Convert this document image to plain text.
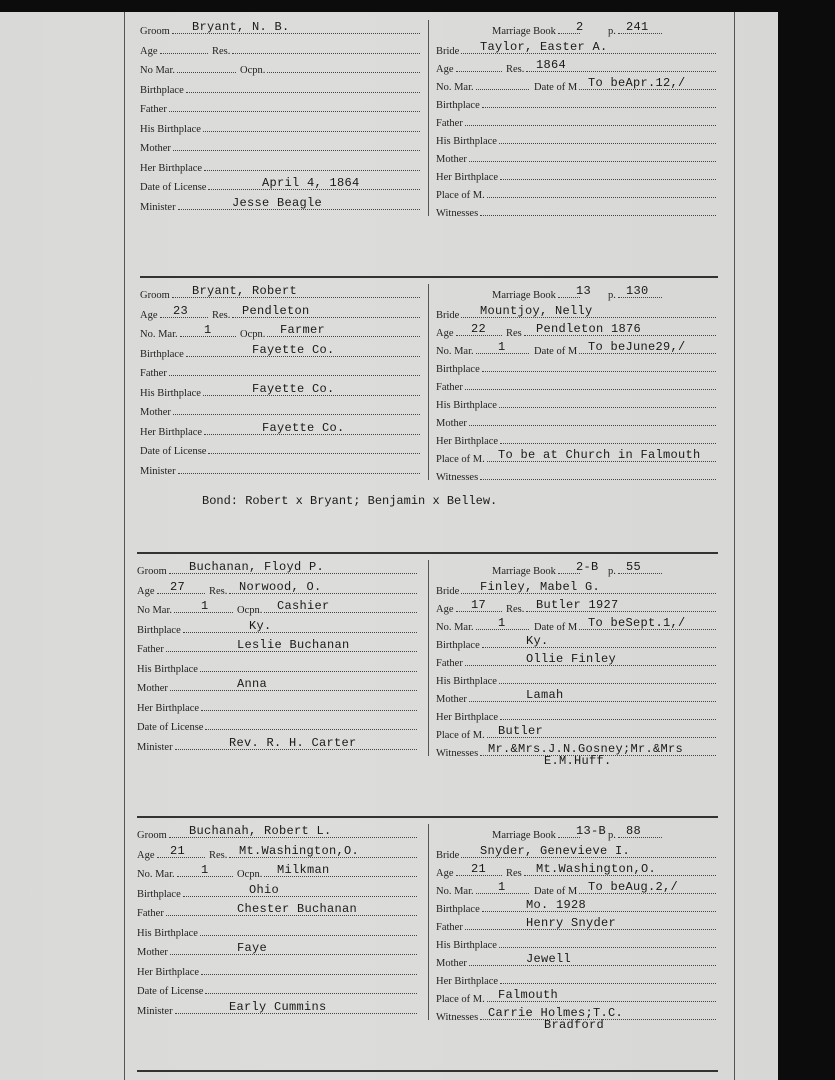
Groom Bryant, N. B.
Age	Res.
No Mar.	Ocpn.
Birthplace
Father
His Birthplace
Mother
Her Birthplace
Date of License	April 4, 1864
Minister	Jesse Beagle
Marriage Book 2 p. 241
Bride Taylor, Easter A.
Age	Res. 1864
No. Mar.	Date of M To beApr.12,/
Birthplace
Father
His Birthplace
Mother
Her Birthplace
Place of M.
Witnesses
Groom Bryant, Robert
Age 23 Res. Pendleton
No. Mar. 1	Ocpn. Farmer
Birthplace	Fayette Co.
Father
His Birthplace	Fayette Co.
Mother
Her Birthplace	Fayette Co.
Date of License
Minister
Marriage Book 13 p. 130
Bride Mountjoy, Nelly
Age 22 Res Pendleton 1876
No. Mar. 1	Date of M To beJune29,/
Birthplace
Father
His Birthplace
Mother
Her Birthplace
Place of M. To be at Church in Falmouth
Witnesses
Bond: Robert x Bryant; Benjamin x Bellew.
Groom Buchanan, Floyd P.
Age 27 Res. Norwood, O.
No Mar. 1	Ocpn. Cashier
Birthplace	Ky.
Father	Leslie Buchanan
His Birthplace
Mother	Anna
Her Birthplace
Date of License
Minister	Rev. R. H. Carter
Marriage Book 2-B p. 55
Bride Finley, Mabel G.
Age 17 Res. Butler 1927
No. Mar. 1	Date of M To beSept.1,/
Birthplace	Ky.
Father	Ollie Finley
His Birthplace
Mother	Lamah
Her Birthplace
Place of M. Butler
Witnesses Mr.&Mrs.J.N.Gosney;Mr.&Mrs
E.M.Huff.
Groom Buchanah, Robert L.
Age 21 Res. Mt.Washington,O.
No. Mar. 1	Ocpn. Milkman
Birthplace	Ohio
Father	Chester Buchanan
His Birthplace
Mother	Faye
Her Birthplace
Date of License
Minister	Early Cummins
Marriage Book 13-B p. 88
Bride Snyder, Genevieve I.
Age 21 Res Mt.Washington,O.
No. Mar. 1	Date of M To beAug.2,/
Birthplace	Mo. 1928
Father	Henry Snyder
His Birthplace
Mother	Jewell
Her Birthplace
Place of M. Falmouth
Witnesses Carrie Holmes;T.C.
Bradford
